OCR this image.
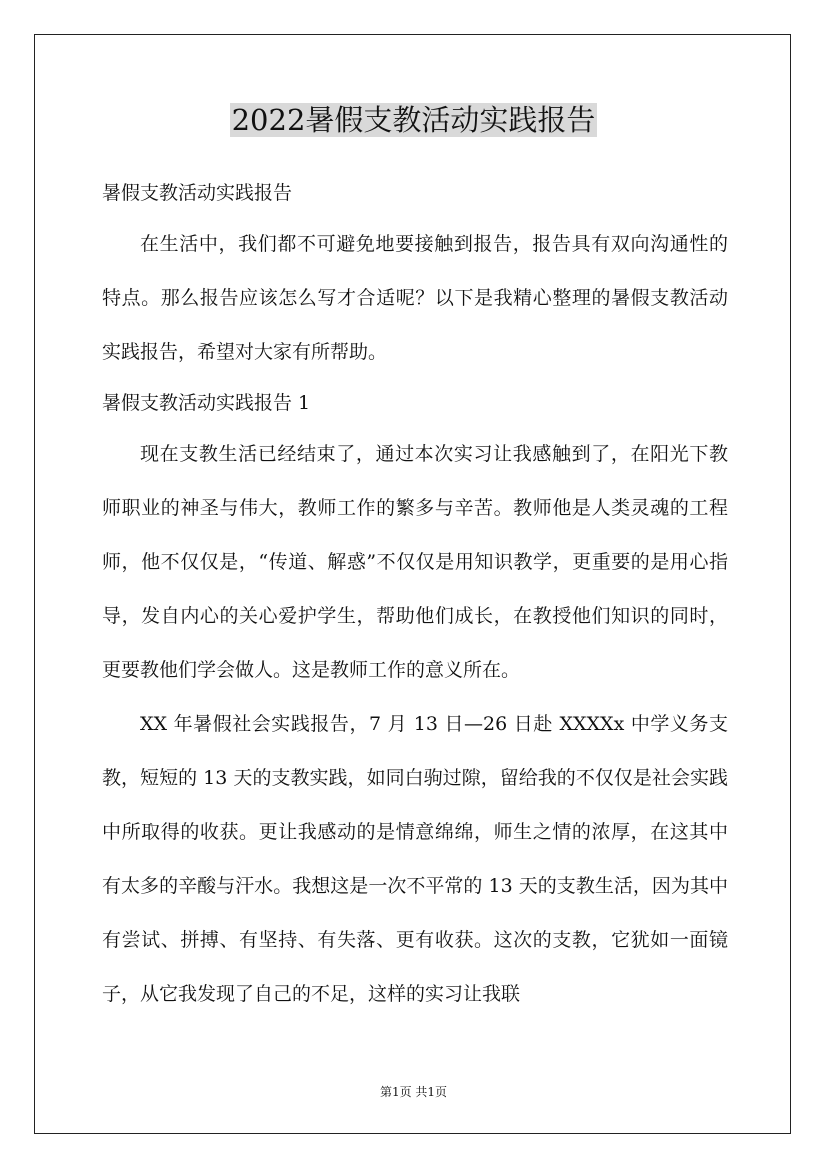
2022暑假支教活动实践报告

暑假支教活动实践报告

在生活中，我们都不可避免地要接触到报告，报告具有双向沟通性的特点。那么报告应该怎么写才合适呢？以下是我精心整理的暑假支教活动实践报告，希望对大家有所帮助。

暑假支教活动实践报告 1

现在支教生活已经结束了，通过本次实习让我感触到了，在阳光下教师职业的神圣与伟大，教师工作的繁多与辛苦。教师他是人类灵魂的工程师，他不仅仅是，“传道、解惑”不仅仅是用知识教学，更重要的是用心指导，发自内心的关心爱护学生，帮助他们成长，在教授他们知识的同时，更要教他们学会做人。这是教师工作的意义所在。

XX 年暑假社会实践报告，7 月 13 日—26 日赴 XXXXx 中学义务支教，短短的 13 天的支教实践，如同白驹过隙，留给我的不仅仅是社会实践中所取得的收获。更让我感动的是情意绵绵，师生之情的浓厚，在这其中有太多的辛酸与汗水。我想这是一次不平常的 13 天的支教生活，因为其中有尝试、拼搏、有坚持、有失落、更有收获。这次的支教，它犹如一面镜子，从它我发现了自己的不足，这样的实习让我联

第1页 共1页
